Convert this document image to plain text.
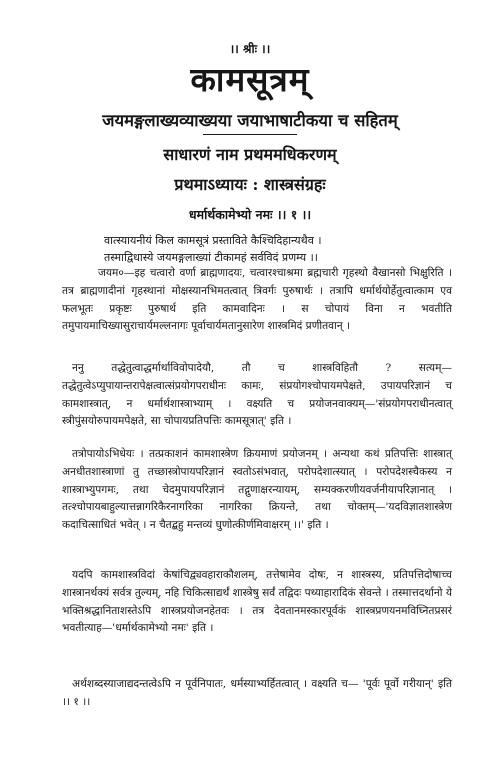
।। श्रीः ।।
कामसूत्रम्
जयमङ्गलाख्यव्याख्यया जयाभाषाटीकया च सहितम्
साधारणं नाम प्रथममधिकरणम्
प्रथमाऽध्यायः : शास्त्रसंग्रहः
धर्मार्थकामेभ्यो नमः ।। १ ।।
वात्स्यायनीयं किल कामसूत्रं प्रस्ताविते कैश्चिदिहान्यथैव ।
तस्माद्विधास्ये जयमङ्गलाख्यां टीकामहं सर्वविदं प्रणम्य ।।

जयम०—इह चत्वारो वर्णा ब्राह्मणादयः, चत्वारश्चाश्रमा ब्रह्मचारी गृहस्थो वैखानसो भिक्षुरिति । तत्र ब्राह्मणादीनां गृहस्थानां मोक्षस्यानभिमतत्वात् त्रिवर्गः पुरुषार्थः । तत्रापि धर्मार्थयोर्हेतुत्वात्काम एव फलभूतः प्रकृष्टः पुरुषार्थ इति कामवादिनः । स चोपायं विना न भवतीति तमुपायमाचिख्यासुराचार्यमल्लनागः पूर्वाचार्यमतानुसारेण शास्त्रमिदं प्रणीतवान् ।

ननु तद्धेतुत्वाद्धर्मार्थाविवोपादेयौ, तौ च शास्त्रविहितौ ? सत्यम्—तद्धेतुत्वेऽप्युपायान्तरापेक्षत्वात्संप्रयोगपराधीनः कामः, संप्रयोगश्चोपायमपेक्षते, उपायपरिज्ञानं च कामशास्त्रात्, न धर्मार्थशास्त्राभ्याम् । वक्ष्यति च प्रयोजनवाक्यम्—'संप्रयोगपराधीनत्वात् स्त्रीपुंसयोरुपायमपेक्षते, सा चोपायप्रतिपत्तिः कामसूत्रात्' इति ।

तत्रोपायोऽभिधेयः । तत्प्रकाशनं कामशास्त्रेण क्रियमाणं प्रयोजनम् । अन्यथा कथं प्रतिपत्तिः शास्त्रात् अनधीतशास्त्राणां तु तच्छास्त्रोपायपरिज्ञानं स्वतोऽसंभवात्, परोपदेशात्स्यात् । परोपदेशस्चैकस्य न शास्त्राभ्युपगमः, तथा चेदमुपायपरिज्ञानं तद्गुणाक्षरन्यायम्, सम्यक्करणीयवर्जनीयापरिज्ञानात् । तत्श्चोपायबाहुल्यात्तन्नागरिकैरनागरिका नागरिका क्रियन्ते, तथा चोक्तम्—'यदविज्ञातशास्त्रेण कदाचित्साधितं भवेत् । न चैतद्बहु मन्तव्यं घुणोत्कीर्णमिवाक्षरम् ।।' इति ।

यदपि कामशास्त्रविदां केषांचिद्व्यवहाराकौशलम्, तत्तेषामेव दोषः, न शास्त्रस्य, प्रतिपत्तिदोषाच्च शास्त्रानर्थक्यं सर्वत्र तुल्यम्, नहि चिकित्साद्यर्थं शास्त्रेषु सर्वं तद्विदः पथ्याहारादिकं सेवन्ते । तस्मात्तदर्थानो ये भक्तिश्रद्धानिताशस्तेऽपि शास्त्रप्रयोजनहेतवः । तत्र देवतानमस्कारपूर्वकं शास्त्रप्रणयनमविघ्नितप्रसरं भवतीत्याह—'धर्मार्थकामेभ्यो नमः' इति ।

अर्थशब्दस्याजाद्यदन्तत्वेऽपि न पूर्वनिपातः, धर्मस्याभ्यर्हितत्वात् । वक्ष्यति च— 'पूर्वः पूर्वो गरीयान्' इति ।। १ ।।
